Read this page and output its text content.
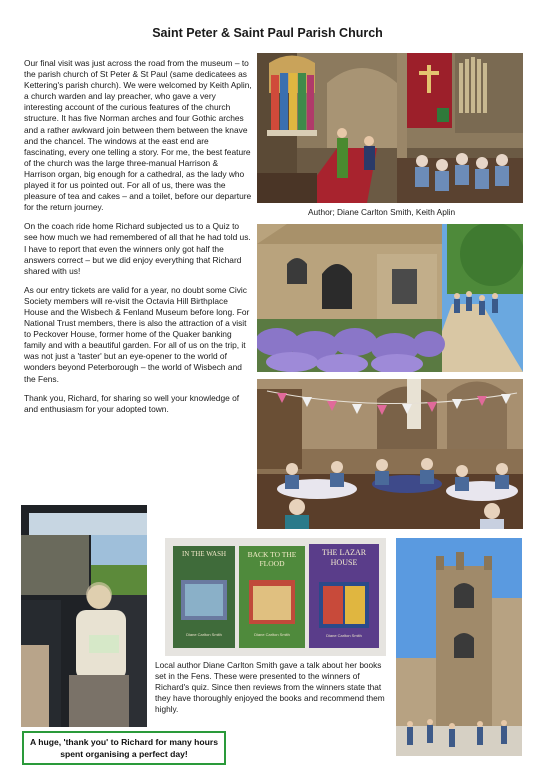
Saint Peter & Saint Paul Parish Church

Our final visit was just across the road from the museum – to the parish church of St Peter & St Paul (same dedicatees as Kettering's parish church). We were welcomed by Keith Aplin, a church warden and lay preacher, who gave a very interesting account of the curious features of the church structure. It has five Norman arches and four Gothic arches and a rather awkward join between them between the knave and the chancel. The windows at the east end are fascinating, every one telling a story. For me, the best feature of the church was the large three-manual Harrison & Harrison organ, big enough for a cathedral, as the lady who played it for us pointed out. For all of us, there was the pleasure of tea and cakes – and a toilet, before our departure for the return journey.

On the coach ride home Richard subjected us to a Quiz to see how much we had remembered of all that he had told us. I have to report that even the winners only got half the answers correct – but we did enjoy everything that Richard shared with us!

As our entry tickets are valid for a year, no doubt some Civic Society members will re-visit the Octavia Hill Birthplace House and the Wisbech & Fenland Museum before long. For National Trust members, there is also the attraction of a visit to Peckover House, former home of the Quaker banking family and with a beautiful garden. For all of us on the trip, it was not just a 'taster' but an eye-opener to the world of wonders beyond Peterborough – the world of Wisbech and the Fens.

Thank you, Richard, for sharing so well your knowledge of and enthusiasm for your adopted town.

Author; Diane Carlton Smith, Keith Aplin
IN THE WASH
Diane Carlton Smith
BACK TO THE FLOOD
Diane Carlton Smith
THE LAZAR HOUSE
Diane Carlton Smith
Local author Diane Carlton Smith gave a talk about her books set in the Fens. These were presented to the winners of Richard's quiz. Since then reviews from the winners state that they have thoroughly enjoyed the books and recommend them highly.
A huge, 'thank you' to Richard for many hours spent organising a perfect day!
